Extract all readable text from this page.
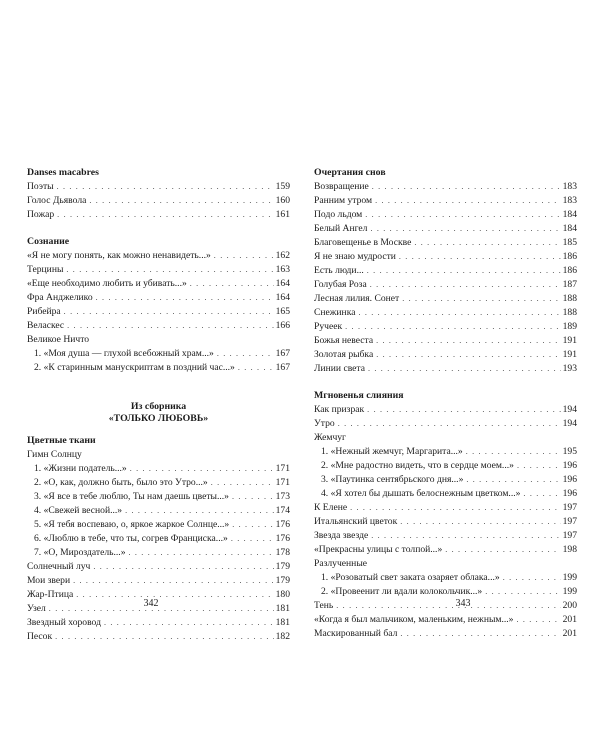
Danses macabres
Поэты . . .	159
Голос Дьявола . . .	160
Пожар . . .	161
Сознание
«Я не могу понять, как можно ненавидеть...» . . .	162
Терцины . . .	163
«Еще необходимо любить и убивать...» . . .	164
Фра Анджелико . . .	164
Рибейра . . .	165
Веласкес . . .	166
Великое Ничто
1. «Моя душа — глухой всебожный храм...» . . .	167
2. «К старинным манускриптам в поздний час...» . . .	167
Из сборника
«ТОЛЬКО ЛЮБОВЬ»
Цветные ткани
Гимн Солнцу
1. «Жизни податель...» . . .	171
2. «О, как, должно быть, было это Утро...» . . .	171
3. «Я все в тебе люблю, Ты нам даешь цветы...» . . .	173
4. «Свежей весной...» . . .	174
5. «Я тебя воспеваю, о, яркое жаркое Солнце...» . . .	176
6. «Люблю в тебе, что ты, согрев Франциска...» . . .	176
7. «О, Мироздатель...» . . .	178
Солнечный луч . . .	179
Мои звери . . .	179
Жар-Птица . . .	180
Узел . . .	181
Звездный хоровод . . .	181
Песок . . .	182
342
Очертания снов
Возвращение . . .	183
Ранним утром . . .	183
Подо льдом . . .	184
Белый Ангел . . .	184
Благовещенье в Москве . . .	185
Я не знаю мудрости . . .	186
Есть люди... . . .	186
Голубая Роза . . .	187
Лесная лилия. Сонет . . .	188
Снежинка . . .	188
Ручеек . . .	189
Божья невеста . . .	191
Золотая рыбка . . .	191
Линии света . . .	193
Мгновенья слияния
Как призрак . . .	194
Утро . . .	194
Жемчуг
1. «Нежный жемчуг, Маргарита...» . . .	195
2. «Мне радостно видеть, что в сердце моем...» . . .	196
3. «Паутинка сентябрьского дня...» . . .	196
4. «Я хотел бы дышать белоснежным цветком...» . . .	196
К Елене . . .	197
Итальянский цветок . . .	197
Звезда звезде . . .	197
«Прекрасны улицы с толпой...» . . .	198
Разлученные
1. «Розоватый свет заката озаряет облака...» . . .	199
2. «Провеенит ли вдали колокольчик...» . . .	199
Тень . . .	200
«Когда я был мальчиком, маленьким, нежным...» . . .	201
Маскированный бал . . .	201
343
